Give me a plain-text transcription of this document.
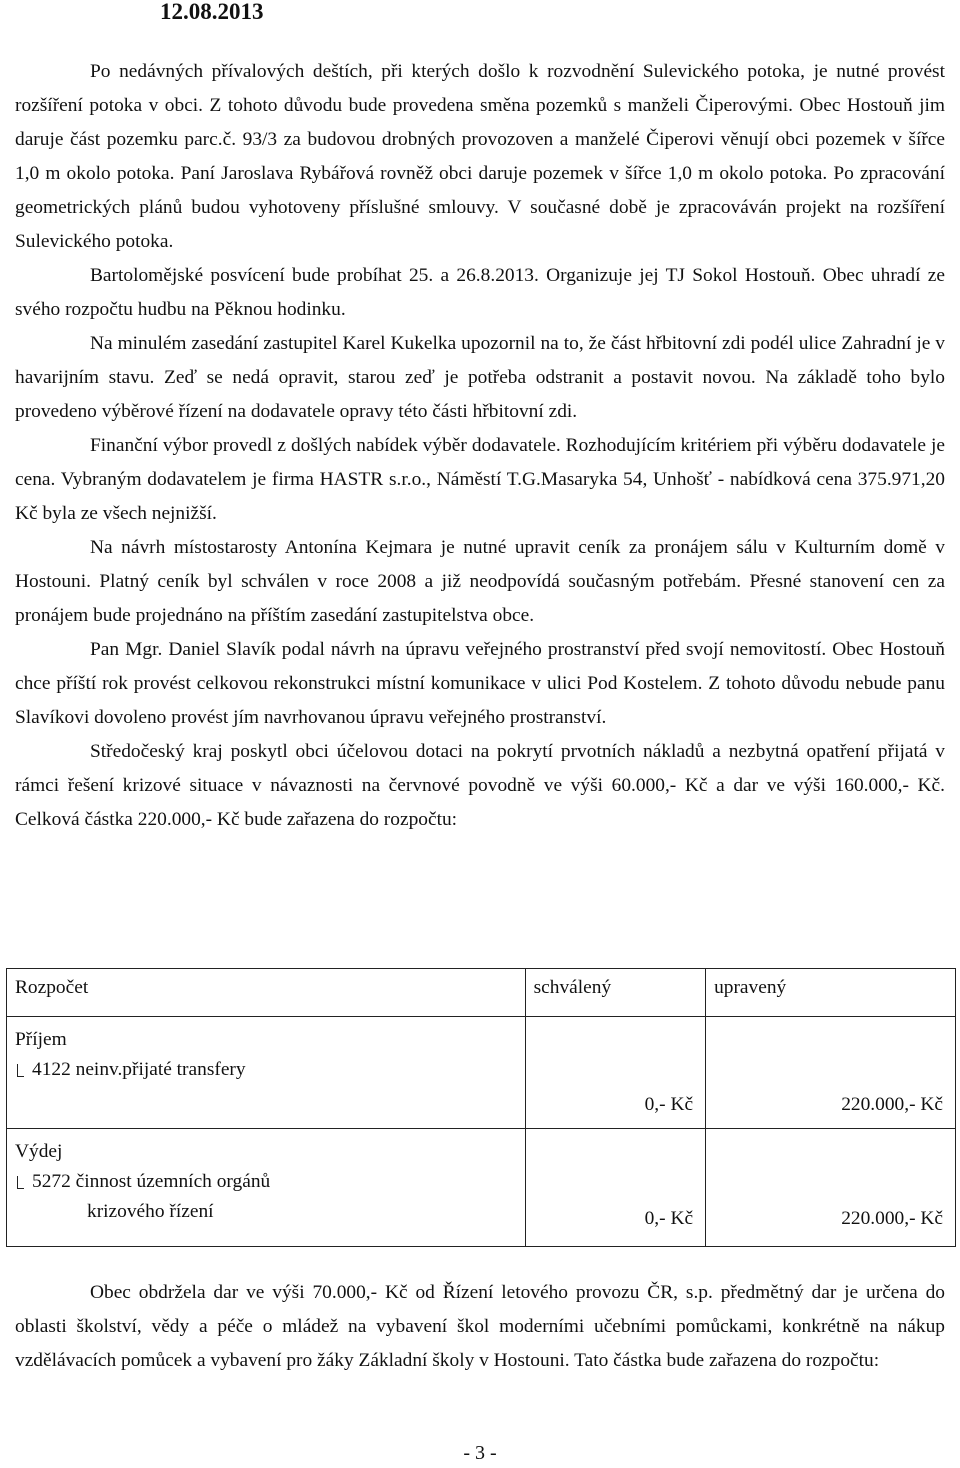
12.08.2013

Po nedávných přívalových deštích, při kterých došlo k rozvodnění Sulevického potoka, je nutné provést rozšíření potoka v obci. Z tohoto důvodu bude provedena směna pozemků s manželi Čiperovými. Obec Hostouň jim daruje část pozemku parc.č. 93/3 za budovou drobných provozoven a manželé Čiperovi věnují obci pozemek v šířce 1,0 m okolo potoka. Paní Jaroslava Rybářová rovněž obci daruje pozemek v šířce 1,0 m okolo potoka. Po zpracování geometrických plánů budou vyhotoveny příslušné smlouvy. V současné době je zpracováván projekt na rozšíření Sulevického potoka.

Bartolomějské posvícení bude probíhat 25. a 26.8.2013. Organizuje jej TJ Sokol Hostouň. Obec uhradí ze svého rozpočtu hudbu na Pěknou hodinku.

Na minulém zasedání zastupitel Karel Kukelka upozornil na to, že část hřbitovní zdi podél ulice Zahradní je v havarijním stavu. Zeď se nedá opravit, starou zeď je potřeba odstranit a postavit novou. Na základě toho bylo provedeno výběrové řízení na dodavatele opravy této části hřbitovní zdi.

Finanční výbor provedl z došlých nabídek výběr dodavatele. Rozhodujícím kritériem při výběru dodavatele je cena. Vybraným dodavatelem je firma HASTR s.r.o., Náměstí T.G.Masaryka 54, Unhošť - nabídková cena 375.971,20 Kč byla ze všech nejnižší.

Na návrh místostarosty Antonína Kejmara je nutné upravit ceník za pronájem sálu v Kulturním domě v Hostouni. Platný ceník byl schválen v roce 2008 a již neodpovídá současným potřebám. Přesné stanovení cen za pronájem bude projednáno na příštím zasedání zastupitelstva obce.

Pan Mgr. Daniel Slavík podal návrh na úpravu veřejného prostranství před svojí nemovitostí. Obec Hostouň chce příští rok provést celkovou rekonstrukci místní komunikace v ulici Pod Kostelem. Z tohoto důvodu nebude panu Slavíkovi dovoleno provést jím navrhovanou úpravu veřejného prostranství.

Středočeský kraj poskytl obci účelovou dotaci na pokrytí prvotních nákladů a nezbytná opatření přijatá v rámci řešení krizové situace v návaznosti na červnové povodně ve výši 60.000,- Kč a dar ve výši 160.000,- Kč. Celková částka 220.000,- Kč bude zařazena do rozpočtu:

Rozpočet	schválený	upravený

Příjem
4122 neinv.přijaté transfery	0,- Kč	220.000,- Kč

Výdej
5272 činnost územních orgánů
krizového řízení	0,- Kč	220.000,- Kč

Obec obdržela dar ve výši 70.000,- Kč od Řízení letového provozu ČR, s.p. předmětný dar je určena do oblasti školství, vědy a péče o mládež na vybavení škol moderními učebními pomůckami, konkrétně na nákup vzdělávacích pomůcek a vybavení pro žáky Základní školy v Hostouni. Tato částka bude zařazena do rozpočtu:

- 3 -
